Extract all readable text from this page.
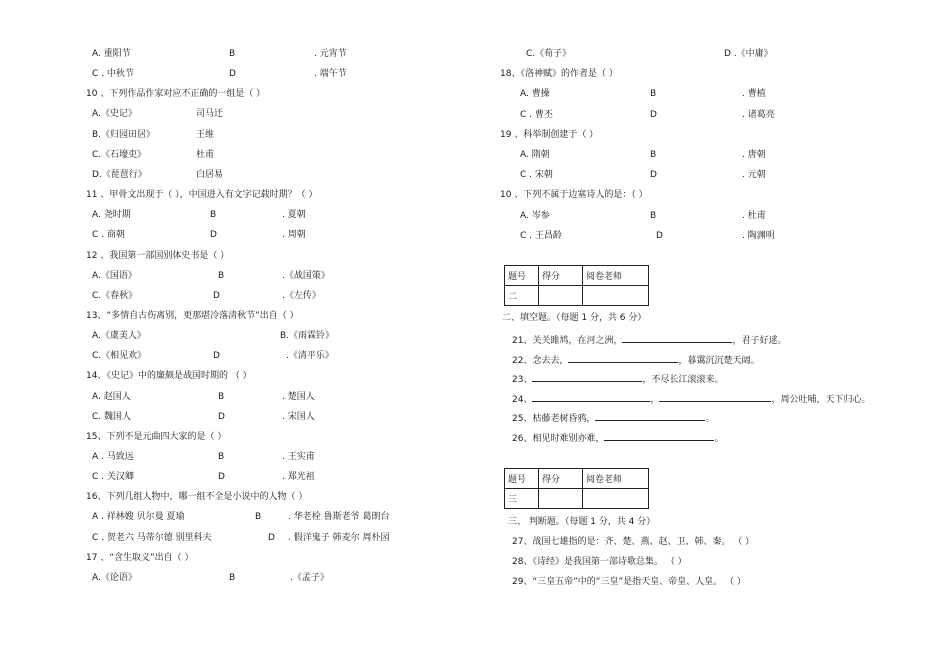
A. 重阳节	B	. 元宵节
C . 中秋节	D	. 端午节
10 、下列作品作家对应不正确的一组是（ ）
A.《史记》	司马迁
B.《归园田居》	王维
C.《石壕吏》	杜甫
D.《琵琶行》	白居易
11 、甲骨文出现于（ ），中国进入有文字记载时期？（ ）
A. 尧时期	B	. 夏朝
C . 商朝	D	. 周朝
12 、我国第一部国别体史书是（ ）
A.《国语》	B	.《战国策》
C.《春秋》	D	.《左传》
13、“多情自古伤离别，更那堪冷落清秋节”出自（ ）
A.《虞美人》	B.《雨霖铃》
C.《相见欢》	D	.《清平乐》
14、《史记》中的廉颇是战国时期的 （ ）
A. 赵国人	B	. 楚国人
C. 魏国人	D	. 宋国人
15、下列不是元曲四大家的是（ ）
A . 马致远	B	. 王实甫
C . 关汉卿	D	. 郑光祖
16、下列几组人物中，哪一组不全是小说中的人物（ ）
A . 祥林嫂 贝尔曼 夏瑜	B	. 华老栓 鲁斯老爷 葛朗台
C . 贺老六 马蒂尔德 别里科夫	D . 假洋鬼子 韩麦尔 周朴园
17 、“含生取义”出自（ ）
A.《论语》	B	.《孟子》
C.《荀子》	D .《中庸》
18、《洛神赋》的作者是（ ）
A. 曹操	B	. 曹植
C . 曹丕	D	. 诸葛亮
19 、科举制创建于（ ）
A. 隋朝	B	. 唐朝
C . 宋朝	D	. 元朝
10 、下列不属于边塞诗人的是：（ ）
A. 岑参	B	. 杜甫
C . 王昌龄	D	. 陶渊明
题号	得分	阅卷老师
二		
二、填空题。（每题 1 分，共 6 分）
21、关关雎鸠，在河之洲，	，君子好逑。
22、念去去，	，暮霭沉沉楚天阔。
23、	，不尽长江滚滚来。
24、	，	，周公吐哺，天下归心。
25、枯藤老树昏鸦，	。
26、相见时难别亦难，	。
题号	得分	阅卷老师
三		
三、 判断题。（每题 1 分，共 4 分）
27、战国七雄指的是：齐、楚、燕、赵、卫、韩、秦。 （ ）
28、《诗经》是我国第一部诗歌总集。 （ ）
29、“三皇五帝”中的“三皇”是指天皇、帝皇、人皇。 （ ）
